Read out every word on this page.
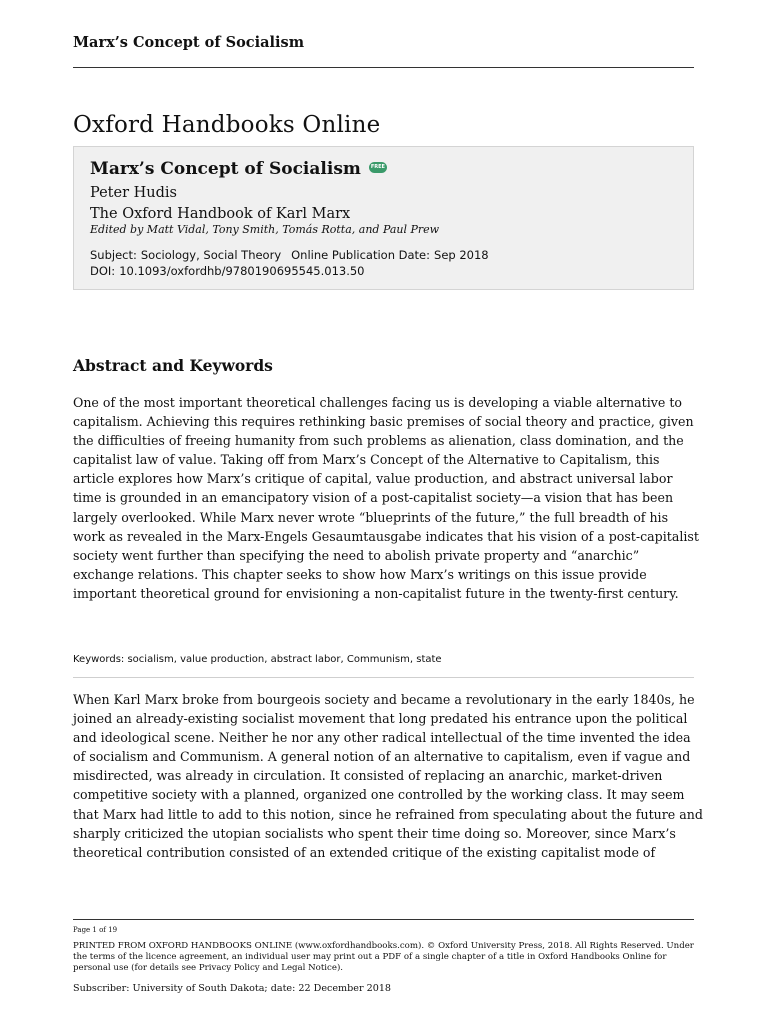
Marx’s Concept of Socialism
Oxford Handbooks Online
Marx’s Concept of Socialism FREE
Peter Hudis
The Oxford Handbook of Karl Marx
Edited by Matt Vidal, Tony Smith, Tomás Rotta, and Paul Prew
Subject: Sociology, Social Theory Online Publication Date: Sep 2018
DOI: 10.1093/oxfordhb/9780190695545.013.50
Abstract and Keywords

One of the most important theoretical challenges facing us is developing a viable alternative to capitalism. Achieving this requires rethinking basic premises of social theory and practice, given the difficulties of freeing humanity from such problems as alienation, class domination, and the capitalist law of value. Taking off from Marx’s Concept of the Alternative to Capitalism, this article explores how Marx’s critique of capital, value production, and abstract universal labor time is grounded in an emancipatory vision of a post-capitalist society—a vision that has been largely overlooked. While Marx never wrote “blueprints of the future,” the full breadth of his work as revealed in the Marx-Engels Gesaumtausgabe indicates that his vision of a post-capitalist society went further than specifying the need to abolish private property and “anarchic” exchange relations. This chapter seeks to show how Marx’s writings on this issue provide important theoretical ground for envisioning a non-capitalist future in the twenty-first century.

Keywords: socialism, value production, abstract labor, Communism, state

When Karl Marx broke from bourgeois society and became a revolutionary in the early 1840s, he joined an already-existing socialist movement that long predated his entrance upon the political and ideological scene. Neither he nor any other radical intellectual of the time invented the idea of socialism and Communism. A general notion of an alternative to capitalism, even if vague and misdirected, was already in circulation. It consisted of replacing an anarchic, market-driven competitive society with a planned, organized one controlled by the working class. It may seem that Marx had little to add to this notion, since he refrained from speculating about the future and sharply criticized the utopian socialists who spent their time doing so. Moreover, since Marx’s theoretical contribution consisted of an extended critique of the existing capitalist mode of

Page 1 of 19

PRINTED FROM OXFORD HANDBOOKS ONLINE (www.oxfordhandbooks.com). © Oxford University Press, 2018. All Rights Reserved. Under the terms of the licence agreement, an individual user may print out a PDF of a single chapter of a title in Oxford Handbooks Online for personal use (for details see Privacy Policy and Legal Notice).

Subscriber: University of South Dakota; date: 22 December 2018
